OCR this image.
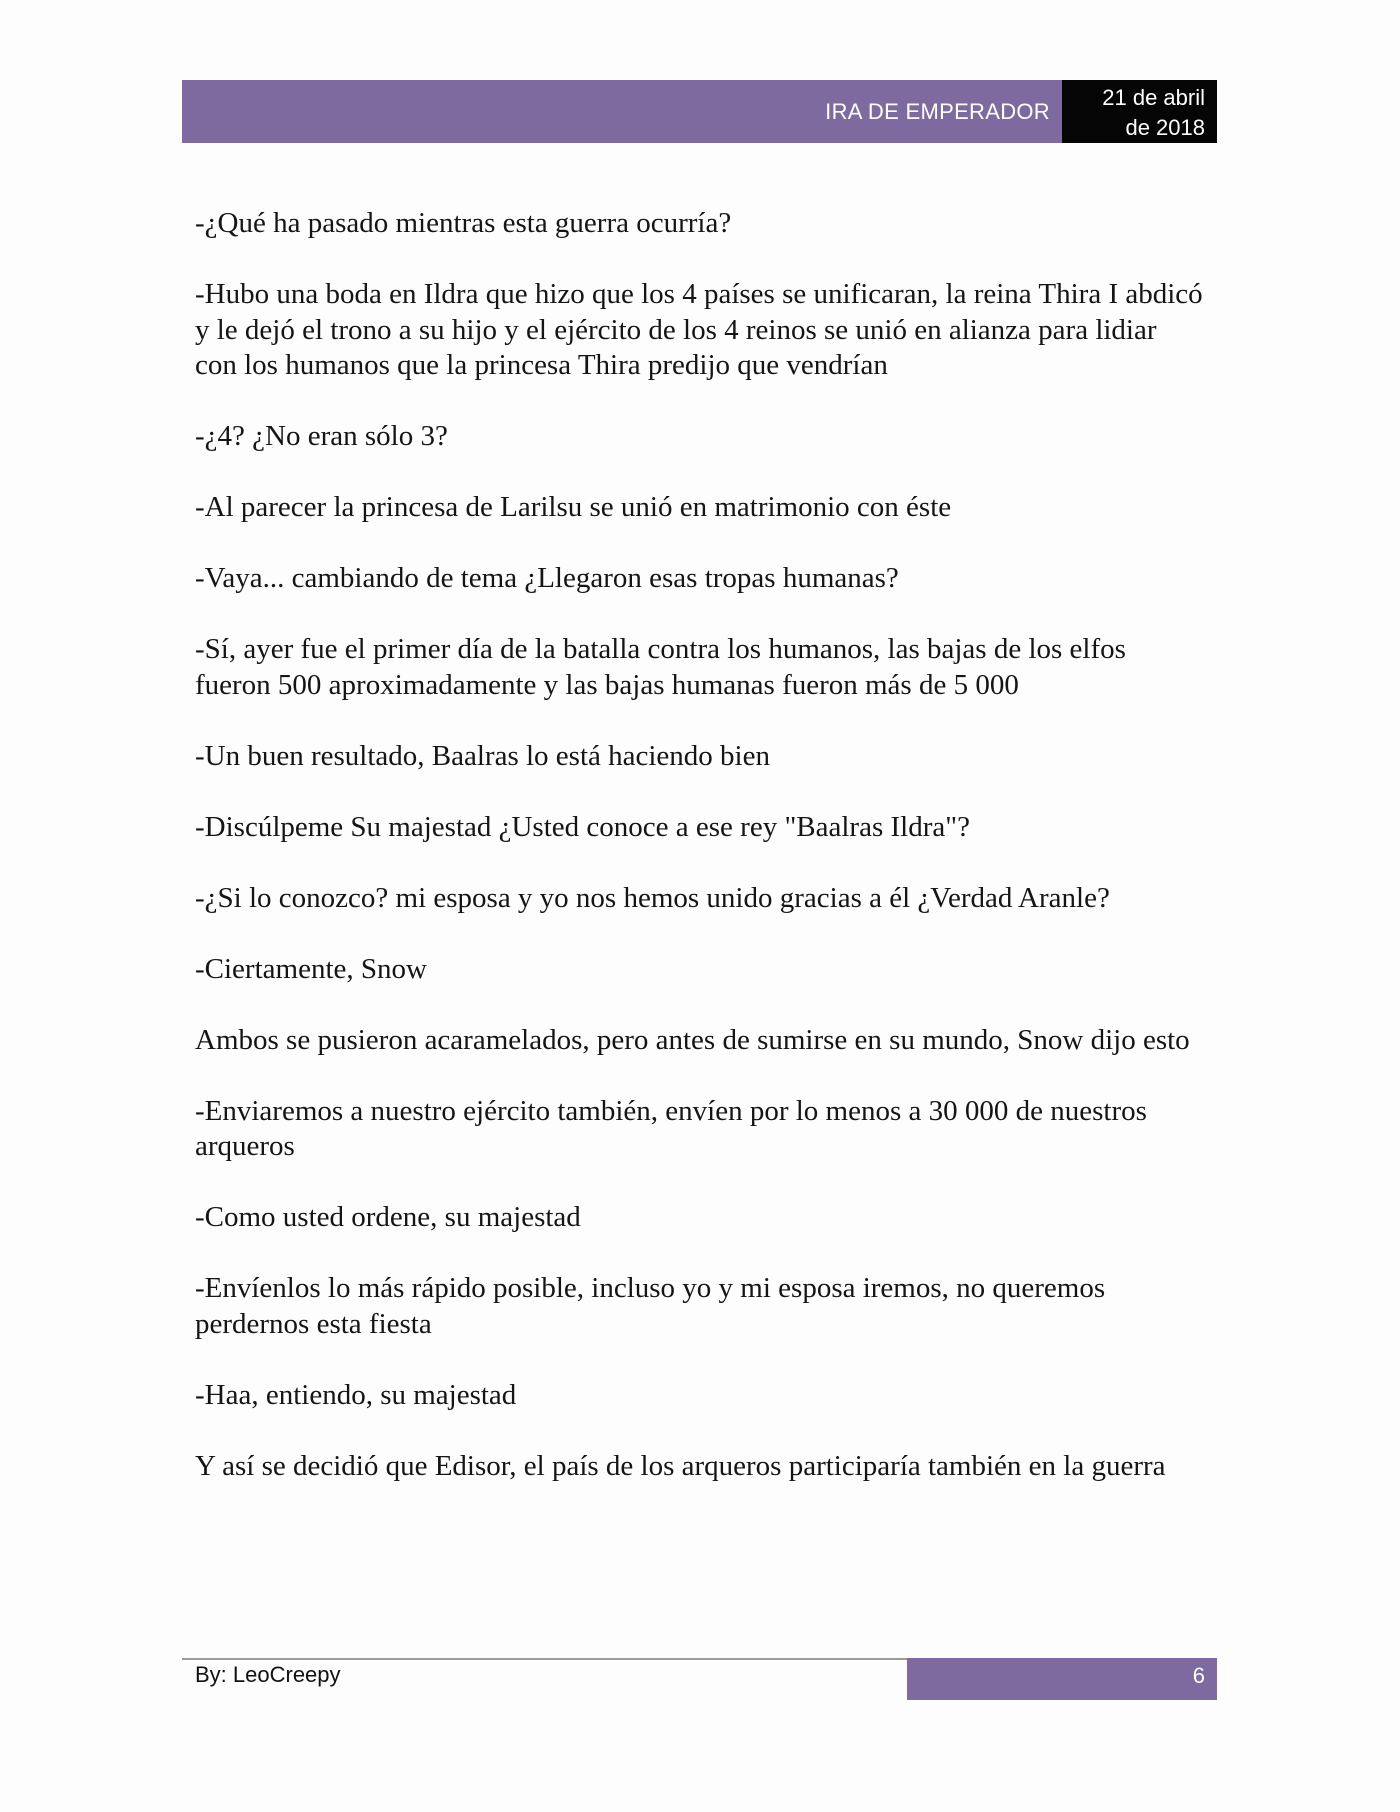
IRA DE EMPERADOR
21 de abril
de 2018

-¿Qué ha pasado mientras esta guerra ocurría?

-Hubo una boda en Ildra que hizo que los 4 países se unificaran, la reina Thira I abdicó y le dejó el trono a su hijo y el ejército de los 4 reinos se unió en alianza para lidiar con los humanos que la princesa Thira predijo que vendrían

-¿4? ¿No eran sólo 3?

-Al parecer la princesa de Larilsu se unió en matrimonio con éste

-Vaya... cambiando de tema ¿Llegaron esas tropas humanas?

-Sí, ayer fue el primer día de la batalla contra los humanos, las bajas de los elfos fueron 500 aproximadamente y las bajas humanas fueron más de 5 000

-Un buen resultado, Baalras lo está haciendo bien

-Discúlpeme Su majestad ¿Usted conoce a ese rey "Baalras Ildra"?

-¿Si lo conozco? mi esposa y yo nos hemos unido gracias a él ¿Verdad Aranle?

-Ciertamente, Snow

Ambos se pusieron acaramelados, pero antes de sumirse en su mundo, Snow dijo esto

-Enviaremos a nuestro ejército también, envíen por lo menos a 30 000 de nuestros arqueros

-Como usted ordene, su majestad

-Envíenlos lo más rápido posible, incluso yo y mi esposa iremos, no queremos perdernos esta fiesta

-Haa, entiendo, su majestad

Y así se decidió que Edisor, el país de los arqueros participaría también en la guerra

By: LeoCreepy	6
